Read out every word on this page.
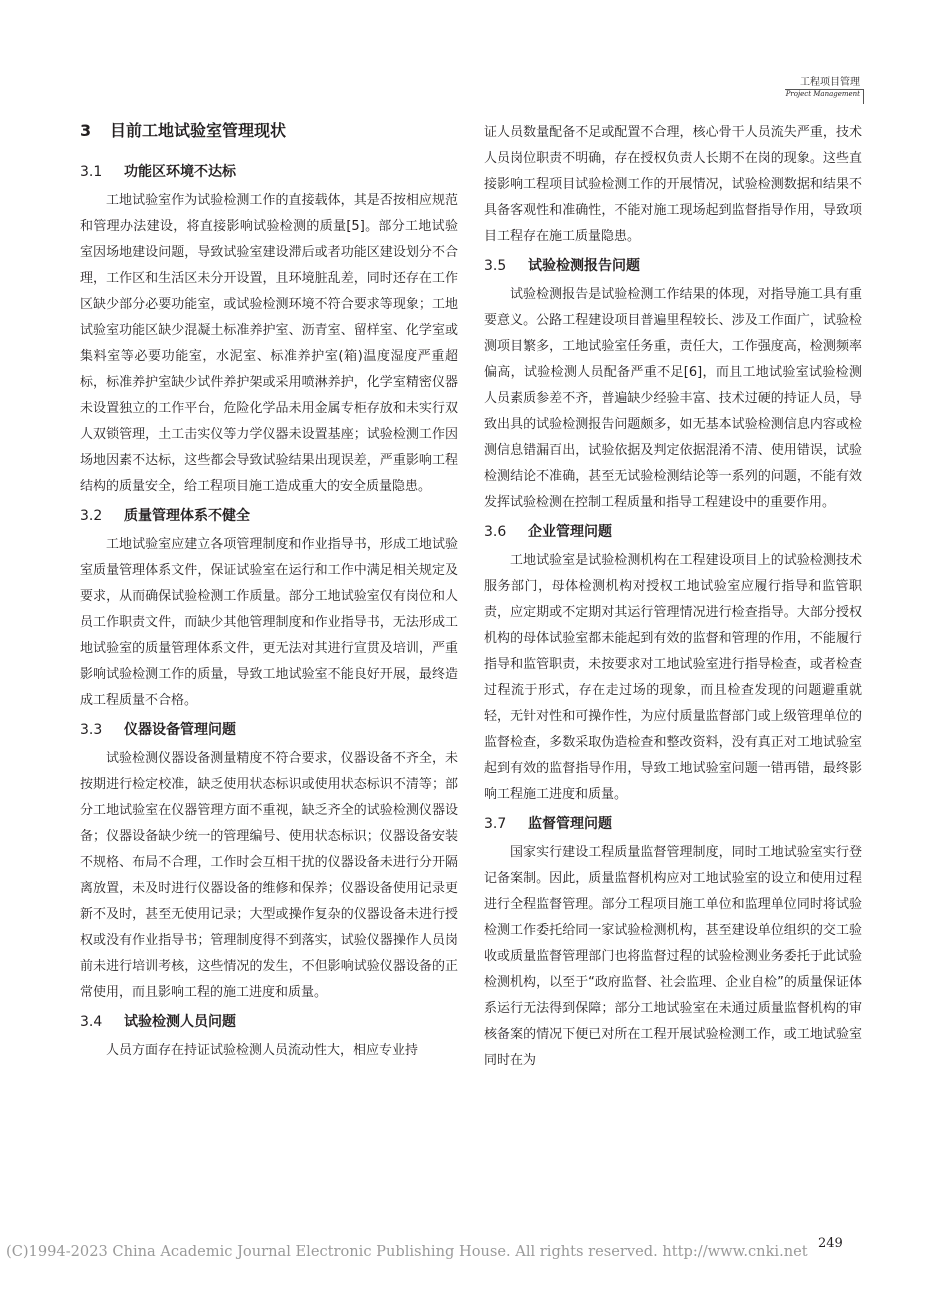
工程项目管理
Project Management
3 目前工地试验室管理现状
3.1 功能区环境不达标

工地试验室作为试验检测工作的直接载体，其是否按相应规范和管理办法建设，将直接影响试验检测的质量[5]。部分工地试验室因场地建设问题，导致试验室建设滞后或者功能区建设划分不合理，工作区和生活区未分开设置，且环境脏乱差，同时还存在工作区缺少部分必要功能室，或试验检测环境不符合要求等现象；工地试验室功能区缺少混凝土标准养护室、沥青室、留样室、化学室或集料室等必要功能室，水泥室、标准养护室(箱)温度湿度严重超标，标准养护室缺少试件养护架或采用喷淋养护，化学室精密仪器未设置独立的工作平台，危险化学品未用金属专柜存放和未实行双人双锁管理，土工击实仪等力学仪器未设置基座；试验检测工作因场地因素不达标，这些都会导致试验结果出现误差，严重影响工程结构的质量安全，给工程项目施工造成重大的安全质量隐患。

3.2 质量管理体系不健全

工地试验室应建立各项管理制度和作业指导书，形成工地试验室质量管理体系文件，保证试验室在运行和工作中满足相关规定及要求，从而确保试验检测工作质量。部分工地试验室仅有岗位和人员工作职责文件，而缺少其他管理制度和作业指导书，无法形成工地试验室的质量管理体系文件，更无法对其进行宣贯及培训，严重影响试验检测工作的质量，导致工地试验室不能良好开展，最终造成工程质量不合格。

3.3 仪器设备管理问题

试验检测仪器设备测量精度不符合要求，仪器设备不齐全，未按期进行检定校准，缺乏使用状态标识或使用状态标识不清等；部分工地试验室在仪器管理方面不重视，缺乏齐全的试验检测仪器设备；仪器设备缺少统一的管理编号、使用状态标识；仪器设备安装不规格、布局不合理，工作时会互相干扰的仪器设备未进行分开隔离放置，未及时进行仪器设备的维修和保养；仪器设备使用记录更新不及时，甚至无使用记录；大型或操作复杂的仪器设备未进行授权或没有作业指导书；管理制度得不到落实，试验仪器操作人员岗前未进行培训考核，这些情况的发生，不但影响试验仪器设备的正常使用，而且影响工程的施工进度和质量。

3.4 试验检测人员问题

人员方面存在持证试验检测人员流动性大，相应专业持

证人员数量配备不足或配置不合理，核心骨干人员流失严重，技术人员岗位职责不明确，存在授权负责人长期不在岗的现象。这些直接影响工程项目试验检测工作的开展情况，试验检测数据和结果不具备客观性和准确性，不能对施工现场起到监督指导作用，导致项目工程存在施工质量隐患。

3.5 试验检测报告问题

试验检测报告是试验检测工作结果的体现，对指导施工具有重要意义。公路工程建设项目普遍里程较长、涉及工作面广，试验检测项目繁多，工地试验室任务重，责任大，工作强度高，检测频率偏高，试验检测人员配备严重不足[6]，而且工地试验室试验检测人员素质参差不齐，普遍缺少经验丰富、技术过硬的持证人员，导致出具的试验检测报告问题颇多，如无基本试验检测信息内容或检测信息错漏百出，试验依据及判定依据混淆不清、使用错误，试验检测结论不准确，甚至无试验检测结论等一系列的问题，不能有效发挥试验检测在控制工程质量和指导工程建设中的重要作用。

3.6 企业管理问题

工地试验室是试验检测机构在工程建设项目上的试验检测技术服务部门，母体检测机构对授权工地试验室应履行指导和监管职责，应定期或不定期对其运行管理情况进行检查指导。大部分授权机构的母体试验室都未能起到有效的监督和管理的作用，不能履行指导和监管职责，未按要求对工地试验室进行指导检查，或者检查过程流于形式，存在走过场的现象，而且检查发现的问题避重就轻，无针对性和可操作性，为应付质量监督部门或上级管理单位的监督检查，多数采取伪造检查和整改资料，没有真正对工地试验室起到有效的监督指导作用，导致工地试验室问题一错再错，最终影响工程施工进度和质量。

3.7 监督管理问题

国家实行建设工程质量监督管理制度，同时工地试验室实行登记备案制。因此，质量监督机构应对工地试验室的设立和使用过程进行全程监督管理。部分工程项目施工单位和监理单位同时将试验检测工作委托给同一家试验检测机构，甚至建设单位组织的交工验收或质量监督管理部门也将监督过程的试验检测业务委托于此试验检测机构，以至于“政府监督、社会监理、企业自检”的质量保证体系运行无法得到保障；部分工地试验室在未通过质量监督机构的审核备案的情况下便已对所在工程开展试验检测工作，或工地试验室同时在为

249
(C)1994-2023 China Academic Journal Electronic Publishing House. All rights reserved. http://www.cnki.net
